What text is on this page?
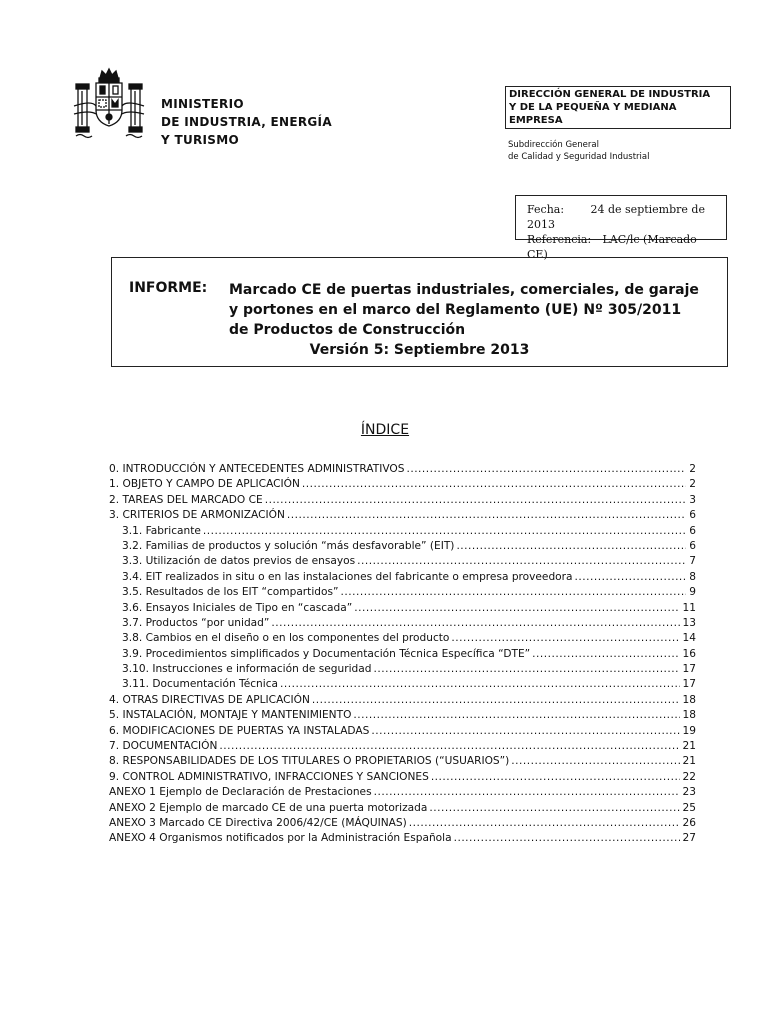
MINISTERIO
DE INDUSTRIA, ENERGÍA
Y TURISMO
DIRECCIÓN GENERAL DE INDUSTRIA
Y DE LA PEQUEÑA Y MEDIANA
EMPRESA
Subdirección General
de Calidad y Seguridad Industrial
Fecha: 24 de septiembre de 2013
Referencia: LAC/lc (Marcado CE)
INFORME: Marcado CE de puertas industriales, comerciales, de garaje
y portones en el marco del Reglamento (UE) Nº 305/2011
de Productos de Construcción
Versión 5: Septiembre 2013
ÍNDICE
0. INTRODUCCIÓN Y ANTECEDENTES ADMINISTRATIVOS .....	2
1. OBJETO Y CAMPO DE APLICACIÓN .....	2
2. TAREAS DEL MARCADO CE .....	3
3. CRITERIOS DE ARMONIZACIÓN .....	6
3.1. Fabricante .....	6
3.2. Familias de productos y solución “más desfavorable” (EIT) .....	6
3.3. Utilización de datos previos de ensayos .....	7
3.4. EIT realizados in situ o en las instalaciones del fabricante o empresa proveedora .....	8
3.5. Resultados de los EIT “compartidos” .....	9
3.6. Ensayos Iniciales de Tipo en “cascada” .....	11
3.7. Productos “por unidad” .....	13
3.8. Cambios en el diseño o en los componentes del producto .....	14
3.9. Procedimientos simplificados y Documentación Técnica Específica “DTE” .....	16
3.10. Instrucciones e información de seguridad .....	17
3.11. Documentación Técnica .....	17
4. OTRAS DIRECTIVAS DE APLICACIÓN .....	18
5. INSTALACIÓN, MONTAJE Y MANTENIMIENTO .....	18
6. MODIFICACIONES DE PUERTAS YA INSTALADAS .....	19
7. DOCUMENTACIÓN .....	21
8. RESPONSABILIDADES DE LOS TITULARES O PROPIETARIOS (“USUARIOS”) .....	21
9. CONTROL ADMINISTRATIVO, INFRACCIONES Y SANCIONES .....	22
ANEXO 1 Ejemplo de Declaración de Prestaciones .....	23
ANEXO 2 Ejemplo de marcado CE de una puerta motorizada .....	25
ANEXO 3 Marcado CE Directiva 2006/42/CE (MÁQUINAS) .....	26
ANEXO 4 Organismos notificados por la Administración Española .....	27
